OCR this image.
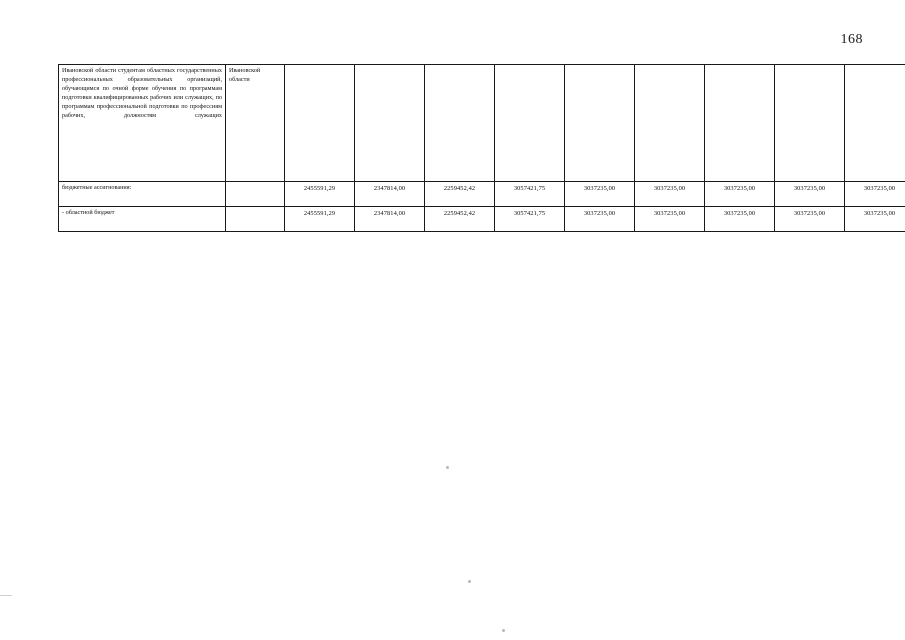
168
Ивановской области студентам областных государственных профессиональных образовательных организаций, обучающимся по очной форме обучения по программам подготовки квалифицированных рабочих или служащих, по программам профессиональной подготовки по профессиям рабочих, должностям служащих	Ивановской области									
бюджетные ассигнования:		2455591,29	2347814,00	2259452,42	3057421,75	3037235,00	3037235,00	3037235,00	3037235,00	3037235,00
- областной бюджет		2455591,29	2347814,00	2259452,42	3057421,75	3037235,00	3037235,00	3037235,00	3037235,00	3037235,00
